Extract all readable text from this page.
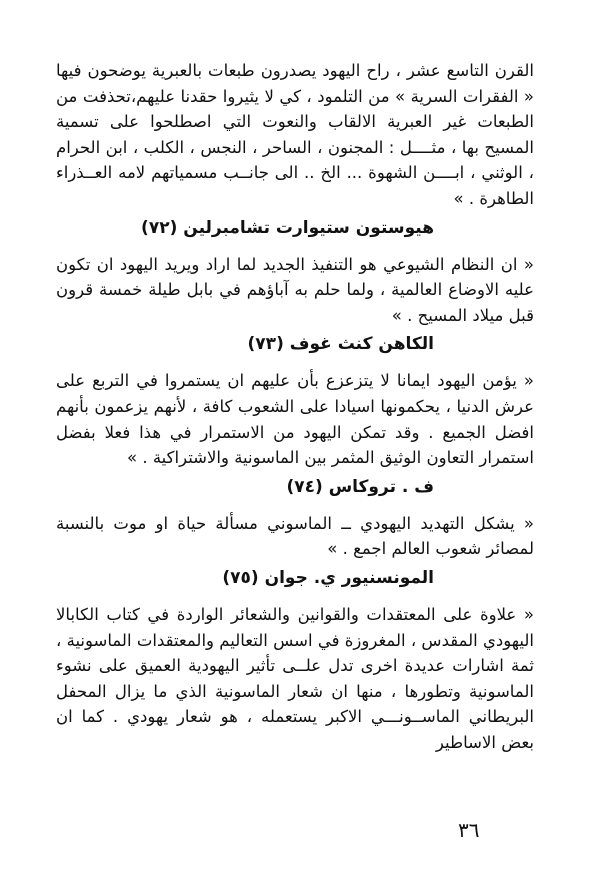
القرن التاسع عشر ، راح اليهود يصدرون طبعات بالعبرية يوضحون فيها « الفقرات السرية » من التلمود ، كي لا يثيروا حقدنا عليهم،تحذفت من الطبعات غير العبرية الالقاب والنعوت التي اصطلحوا على تسمية المسيح بها ، مثــــل : المجنون ، الساحر ، النجس ، الكلب ، ابن الحرام ، الوثني ، ابــــن الشهوة ... الخ .. الى جانــب مسمياتهم لامه العــذراء الطاهرة . »

هيوستون ستيوارت تشامبرلين (٧٢)

« ان النظام الشيوعي هو التنفيذ الجديد لما اراد ويريد اليهود ان تكون عليه الاوضاع العالمية ، ولما حلم به آباؤهم في بابل طيلة خمسة قرون قبل ميلاد المسيح . »

الكاهن كنث غوف (٧٣)

« يؤمن اليهود ايمانا لا يتزعزع بأن عليهم ان يستمروا في التربع على عرش الدنيا ، يحكمونها اسيادا على الشعوب كافة ، لأنهم يزعمون بأنهم افضل الجميع . وقد تمكن اليهود من الاستمرار في هذا فعلا بفضل استمرار التعاون الوثيق المثمر بين الماسونية والاشتراكية . »

ف . تروكاس (٧٤)

« يشكل التهديد اليهودي ــ الماسوني مسألة حياة او موت بالنسبة لمصائر شعوب العالم اجمع . »

المونسنيور ي. جوان (٧٥)

« علاوة على المعتقدات والقوانين والشعائر الواردة في كتاب الكابالا اليهودي المقدس ، المغروزة في اسس التعاليم والمعتقدات الماسونية ، ثمة اشارات عديدة اخرى تدل علــى تأثير اليهودية العميق على نشوء الماسونية وتطورها ، منها ان شعار الماسونية الذي ما يزال المحفل البريطاني الماســونـــي الاكبر يستعمله ، هو شعار يهودي . كما ان بعض الاساطير

٣٦
